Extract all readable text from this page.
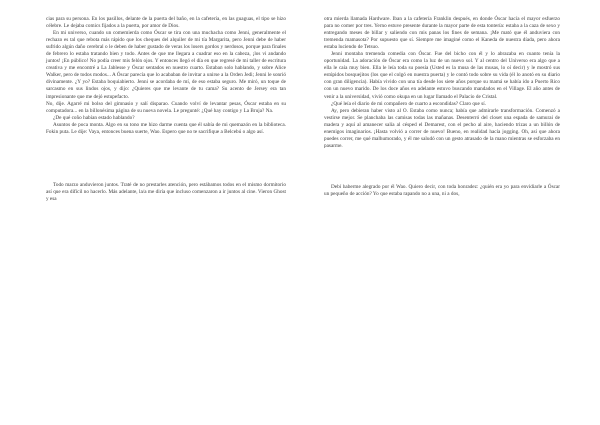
cias para su persona. En los pasillos, delante de la puerta del baño, en la cafetería, en las guaguas, el tipo se hizo célebre. Le dejaba comics fijados a la puerta, por amor de Dios.

En mi universo, cuando un comemierda como Óscar se tira con una muchacha como Jenni, generalmente el rechazo es tal que rebota más rápido que los cheques del alquiler de mi tía Margarita, pero Jenni debe de haber sufrido algún daño cerebral o le deben de haber gustado de veras los losers gordos y nerdosos, porque para finales de febrero lo estaba tratando bien y todo. Antes de que me llegara a cuadrar eso en la cabeza, ¡los vi andando juntos! ¡En público! No podía creer mis felón ojos. Y entonces llegó el día en que regresé de mi taller de escritura creativa y me encontré a La Jablesse y Óscar sentados en nuestro cuarto. Estaban solo hablando, y sobre Alice Walker, pero de todos modos... A Óscar parecía que lo acababan de invitar a unirse a la Orden Jedi; Jenni le sonrió divinamente. ¿Y yo? Estaba boquiabierto. Jenni se acordaba de mí, de eso estaba seguro. Me miró, un toque de sarcasmo en sus lindos ojos, y dijo: ¿Quieres que me levante de tu cama? Su acento de Jersey era tan impresionante que me dejó estupefacto.

No, dije. Agarré mi bolso del gimnasio y salí disparao. Cuando volví de levantar pesas, Óscar estaba en su computadora... en la billonésima página de su nueva novela. Le pregunté: ¿Qué hay contigo y La Bruja? Na.

¿De qué coño habían estado hablando?

Asuntos de poca monta. Algo en su tono me hizo darme cuenta que él sabía de mi quemazón en la biblioteca. Fokin puta. Le dije: Vaya, entonces buena suerte, Wao. Espero que no te sacrifique a Belcebú o algo así.

Todo marzo anduvieron juntos. Traté de no prestarles atención, pero estábamos todos en el mismo dormitorio así que era difícil no hacerlo. Más adelante, la/a me diría que incluso comenzaron a ir juntos al cine. Vieron Ghost y esa

otra mierda llamada Hardware. Iban a la cafetería Franklin después, en donde Óscar hacía el mayor esfuerzo para no comer por tres. Yerno estuve presente durante la mayor parte de esta tontería: estaba a la caza de sexo y entregando meses de billar y saliendo con mis panas los fines de semana. ¡Me mató que él anduviera con tremenda mamasota? Por supuesto que sí. Siempre me imaginé como el Kaneda de nuestra díada, pero ahora estaba luciendo de Tetsuo.

Jenni montaba tremenda comedia con Óscar. Fue del bicho con él y lo abrazaba en cuanto tenía la oportunidad. La adoración de Óscar era como la luz de un nuevo sol. Y al centro del Universo era algo que a ella le caía muy bien. Ella le leía toda su poesía (Usted es la musa de las musas, lo oí decir) y le mostró sus estúpidos bosquejitos (los que el colgó en nuestra puerta) y le contó todo sobre su vida (él lo anotó en su diario con gran diligencia). Había vivido con una tía desde los siete años porque su mamá se había ido a Puerto Rico con un nuevo marido. De los doce años en adelante estuvo buscando mandados en el Village. El año antes de venir a la universidad, vivió como okupa en un lugar llamado el Palacio de Cristal.

¿Qué leía el diario de mi compañero de cuarto a escondidas? Claro que sí.

Ay, pero debieran haber visto al O. Estaba como nunca; había que admirarle transformación. Comenzó a vestirse mejor. Se planchaba las camisas todas las mañanas. Desenterró del closet una espada de samurai de madera y aquí al amanecer salía al césped el Demarest, con el pecho al aire, haciendo trizas a un billón de enemigos imaginarios. ¡Hasta volvió a correr de nuevo! Bueno, en realidad hacía jogging. Oh, así que ahora puedes correr, me qué malhumorado, y él me saludó con un gesto atrasado de la mano mientras se esforzaba en pasarme.

Debí haberme alegrado por él Wao. Quiero decir, con toda honradez: ¿quién era yo para envidiarle a Óscar un pequeño de acción? Yo que estaba rapando no a una, ni a dos,
